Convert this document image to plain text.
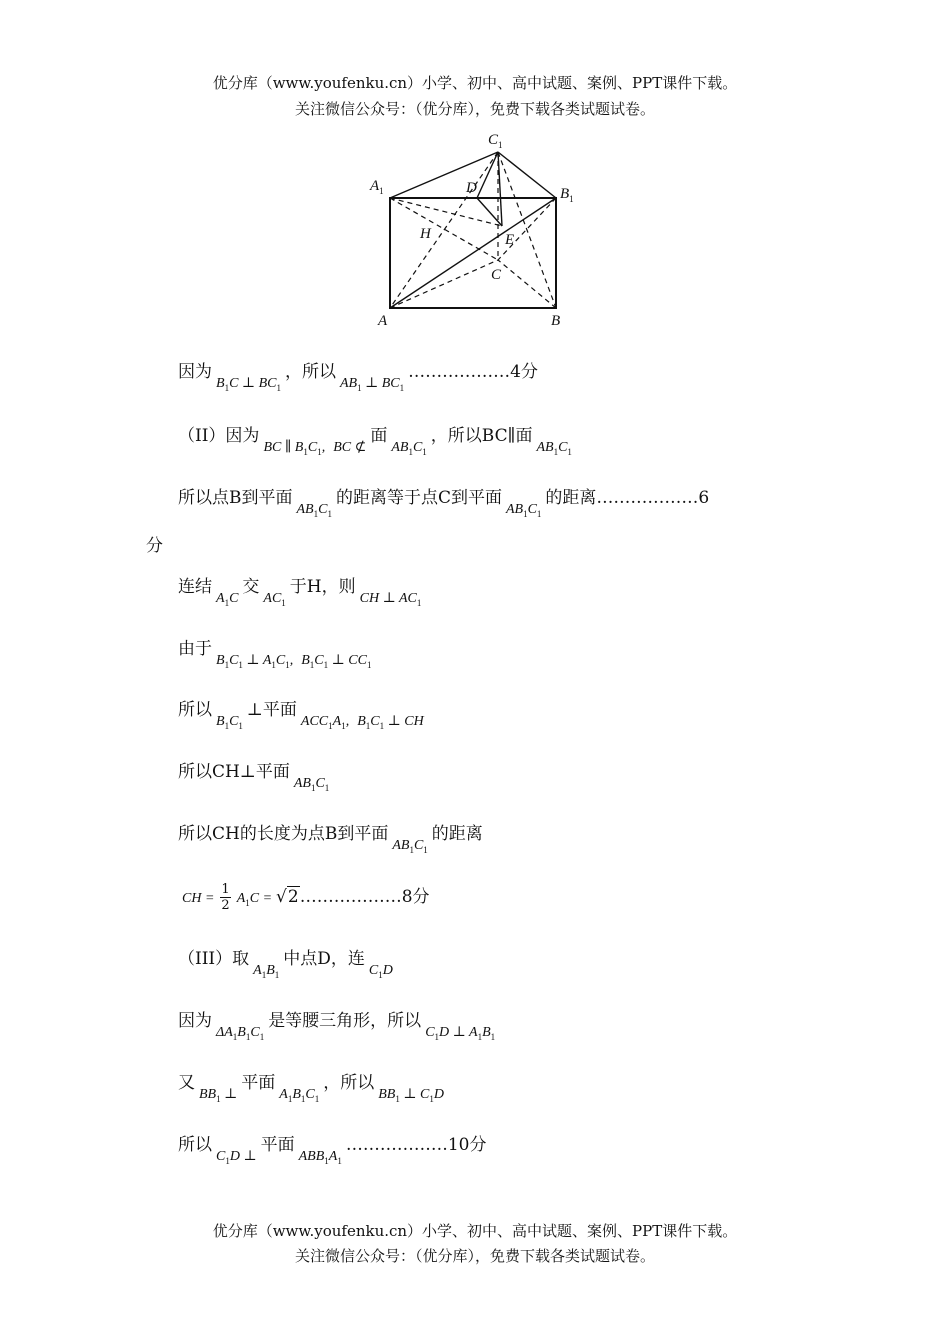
优分库（www.youfenku.cn）小学、初中、高中试题、案例、PPT课件下载。
关注微信公众号：（优分库），免费下载各类试题试卷。
$C_1$
$A_1$	$B_1$
D
H	E
C
A	B
因为$B_1C$ ⊥ $BC_1$，所以$AB_1$ ⊥ $BC_1\dots\dots\dots\dots\dots\dots 4$分
（II）因为BC ∥ $B_1C_1$, BC ⊄面$AB_1C_1$，所以BC∥面$AB_1C_1$
所以点B到平面$AB_1C_1$的距离等于点C到平面$AB_1C_1$的距离………………6
分
连结$A_1C$交$AC_1$于H，则CH ⊥ $AC_1$
由于$B_1C_1$ ⊥ $A_1C_1$, $B_1C_1$ ⊥ $CC_1$
所以$B_1C_1\perp$平面$ACC_1A_1$, $B_1C_1$ ⊥ CH
所以CH⊥平面$AB_1C_1$
所以CH的长度为点B到平面$AB_1C_1$的距离
CH = $\frac{1}{2} A_1C$ = √2………………8分
（III）取$A_1B_1$中点D，连$C_1D$
因为$\Delta A_1B_1C_1$是等腰三角形，所以$C_1D$ ⊥ $A_1B_1$
又$BB_1$ ⊥平面$A_1B_1C_1$，所以$BB_1$ ⊥ $C_1D$
所以$C_1D$ ⊥平面$ABB_1A_1\dots\dots\dots\dots\dots\dots 10$分
优分库（www.youfenku.cn）小学、初中、高中试题、案例、PPT课件下载。
关注微信公众号：（优分库），免费下载各类试题试卷。
